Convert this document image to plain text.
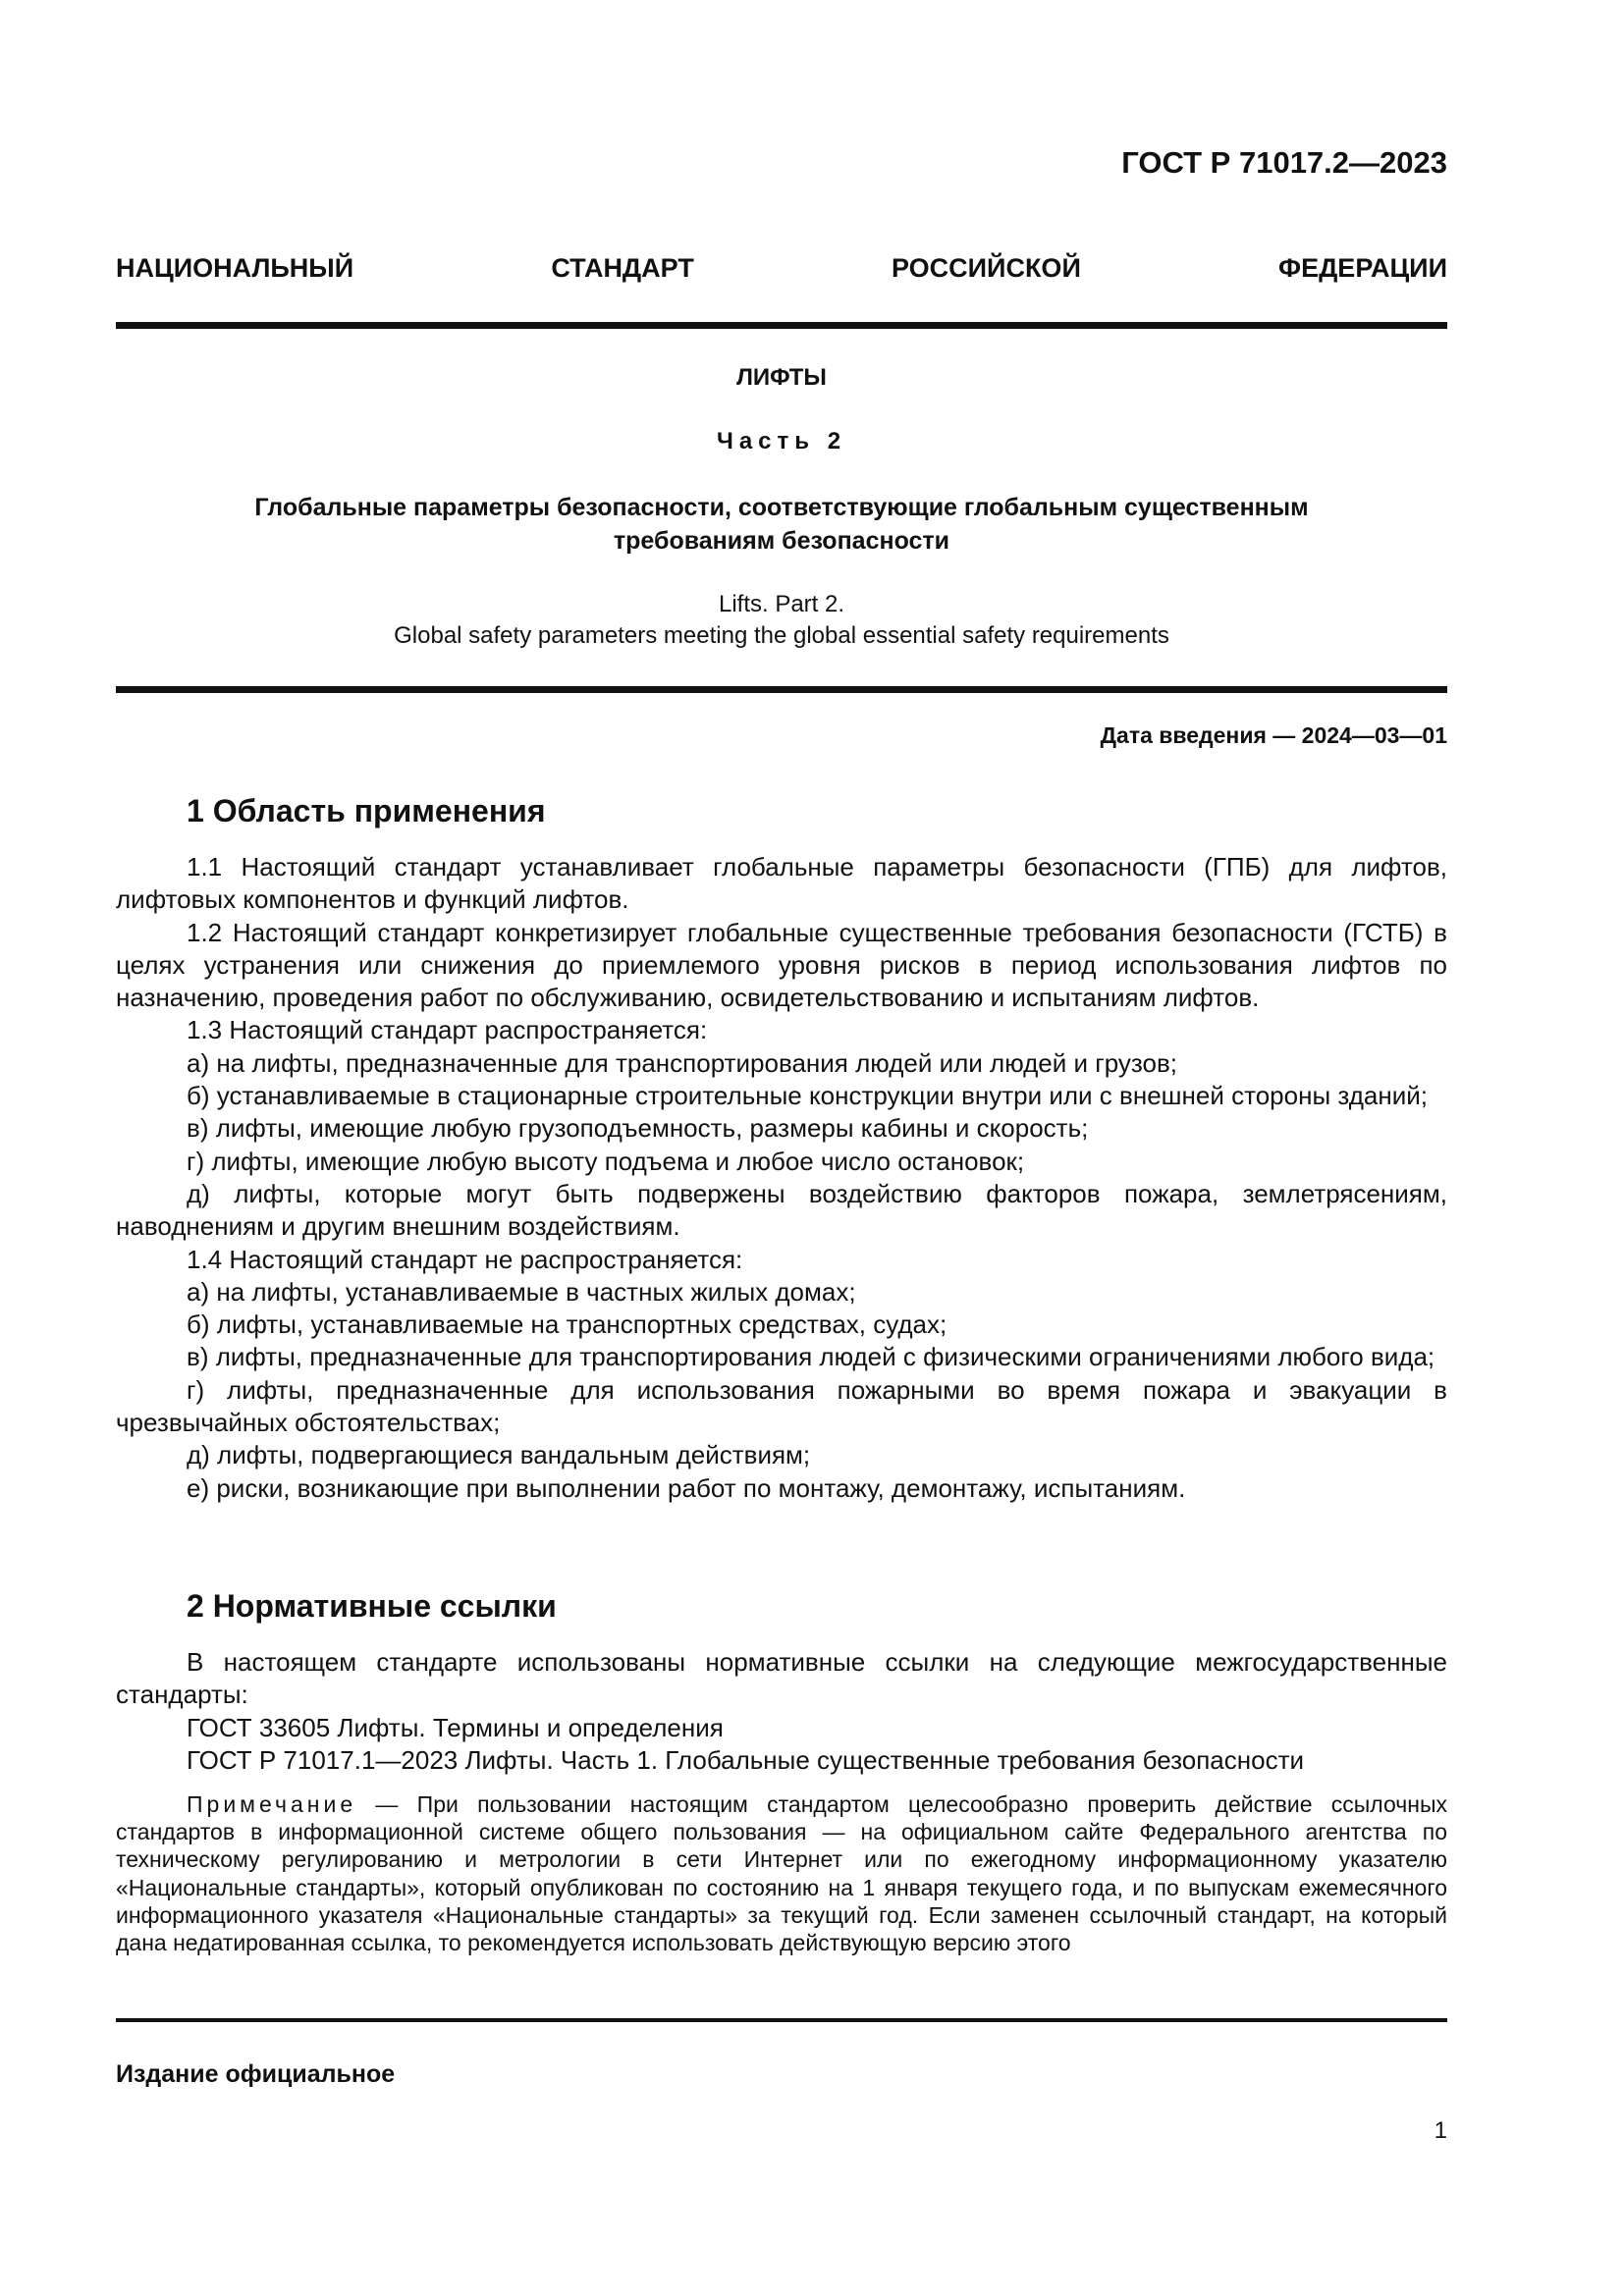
ГОСТ Р 71017.2—2023
НАЦИОНАЛЬНЫЙ СТАНДАРТ РОССИЙСКОЙ ФЕДЕРАЦИИ
ЛИФТЫ
Часть 2
Глобальные параметры безопасности, соответствующие глобальным существенным
требованиям безопасности
Lifts. Part 2.
Global safety parameters meeting the global essential safety requirements
Дата введения — 2024—03—01
1 Область применения

1.1 Настоящий стандарт устанавливает глобальные параметры безопасности (ГПБ) для лифтов, лифтовых компонентов и функций лифтов.

1.2 Настоящий стандарт конкретизирует глобальные существенные требования безопасности (ГСТБ) в целях устранения или снижения до приемлемого уровня рисков в период использования лифтов по назначению, проведения работ по обслуживанию, освидетельствованию и испытаниям лифтов.

1.3 Настоящий стандарт распространяется:

а) на лифты, предназначенные для транспортирования людей или людей и грузов;

б) устанавливаемые в стационарные строительные конструкции внутри или с внешней стороны зданий;

в) лифты, имеющие любую грузоподъемность, размеры кабины и скорость;

г) лифты, имеющие любую высоту подъема и любое число остановок;

д) лифты, которые могут быть подвержены воздействию факторов пожара, землетрясениям, наводнениям и другим внешним воздействиям.

1.4 Настоящий стандарт не распространяется:

а) на лифты, устанавливаемые в частных жилых домах;

б) лифты, устанавливаемые на транспортных средствах, судах;

в) лифты, предназначенные для транспортирования людей с физическими ограничениями любого вида;

г) лифты, предназначенные для использования пожарными во время пожара и эвакуации в чрезвычайных обстоятельствах;

д) лифты, подвергающиеся вандальным действиям;

е) риски, возникающие при выполнении работ по монтажу, демонтажу, испытаниям.

2 Нормативные ссылки

В настоящем стандарте использованы нормативные ссылки на следующие межгосударственные стандарты:

ГОСТ 33605 Лифты. Термины и определения

ГОСТ Р 71017.1—2023 Лифты. Часть 1. Глобальные существенные требования безопасности

Примечание — При пользовании настоящим стандартом целесообразно проверить действие ссылочных стандартов в информационной системе общего пользования — на официальном сайте Федерального агентства по техническому регулированию и метрологии в сети Интернет или по ежегодному информационному указателю «Национальные стандарты», который опубликован по состоянию на 1 января текущего года, и по выпускам ежемесячного информационного указателя «Национальные стандарты» за текущий год. Если заменен ссылочный стандарт, на который дана недатированная ссылка, то рекомендуется использовать действующую версию этого

Издание официальное
1
